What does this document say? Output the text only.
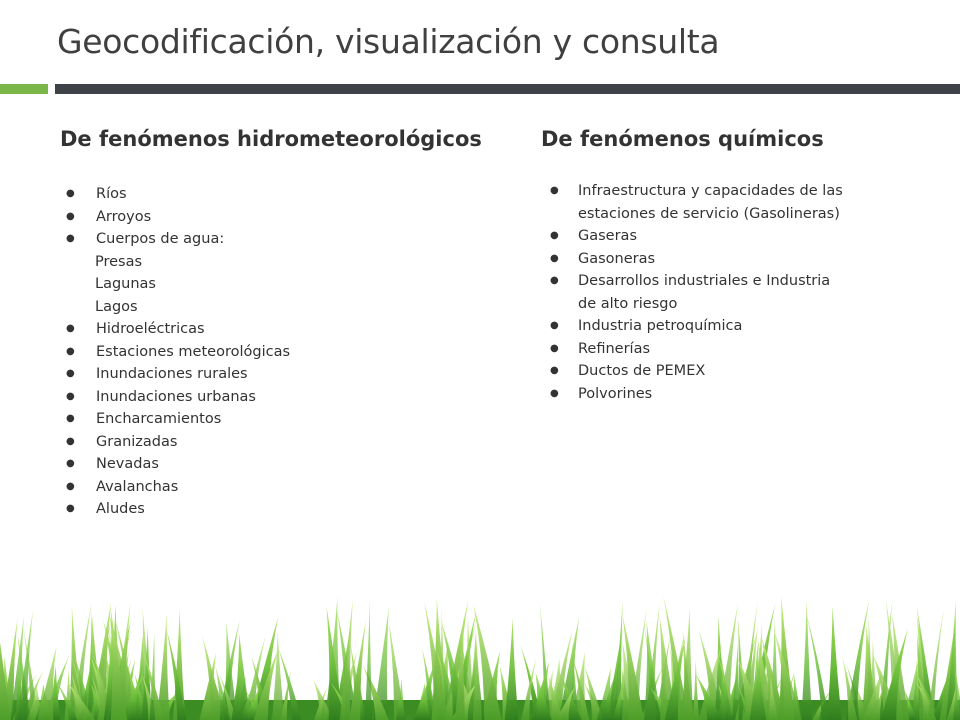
Geocodificación, visualización y consulta
De fenómenos hidrometeorológicos	De fenómenos químicos
● Ríos
● Arroyos
● Cuerpos de agua:
Presas
Lagunas
Lagos
● Hidroeléctricas
● Estaciones meteorológicas
● Inundaciones rurales
● Inundaciones urbanas
● Encharcamientos
● Granizadas
● Nevadas
● Avalanchas
● Aludes
● Infraestructura y capacidades de las estaciones de servicio (Gasolineras)
● Gaseras
● Gasoneras
● Desarrollos industriales e Industria de alto riesgo
● Industria petroquímica
● Refinerías
● Ductos de PEMEX
● Polvorines
